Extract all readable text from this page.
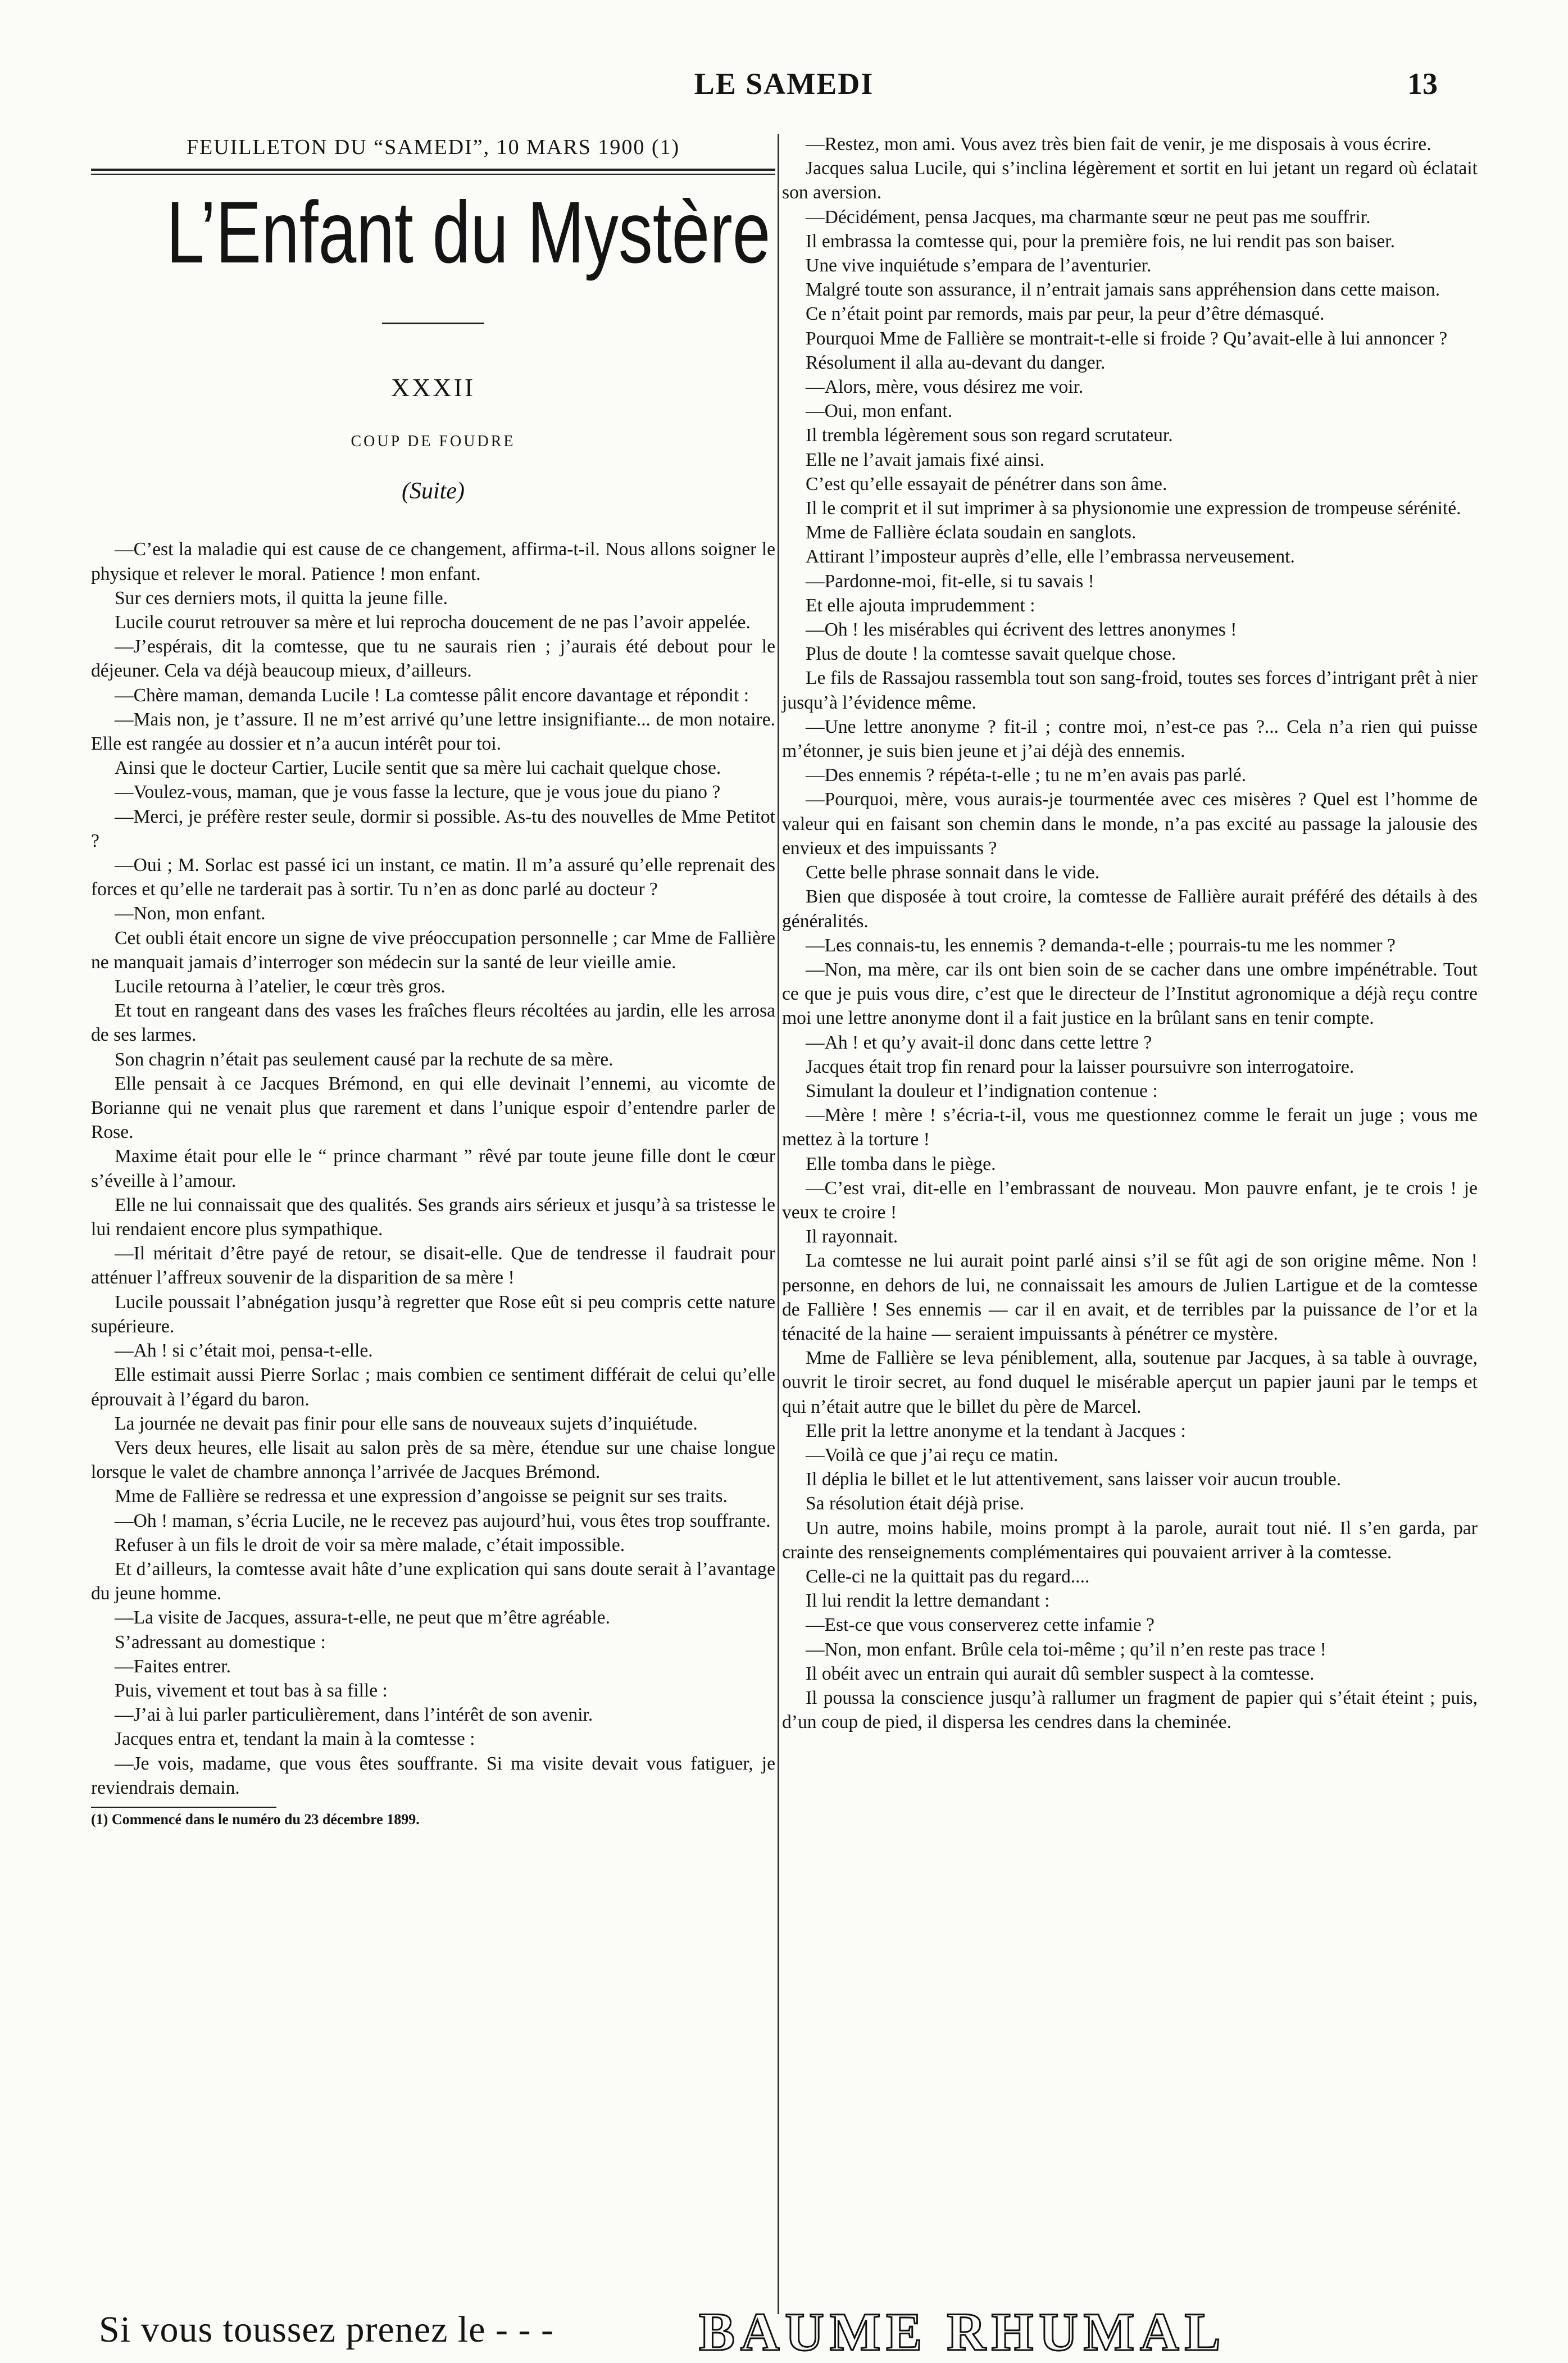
LE SAMEDI	13
FEUILLETON DU “SAMEDI”, 10 MARS 1900 (1)
L’Enfant du Mystère
XXXII
COUP DE FOUDRE
(Suite)

—C’est la maladie qui est cause de ce changement, affirma-t-il. Nous allons soigner le physique et relever le moral. Patience ! mon enfant.

Sur ces derniers mots, il quitta la jeune fille.

Lucile courut retrouver sa mère et lui reprocha doucement de ne pas l’avoir appelée.

—J’espérais, dit la comtesse, que tu ne saurais rien ; j’aurais été debout pour le déjeuner. Cela va déjà beaucoup mieux, d’ailleurs.

—Chère maman, demanda Lucile ! La comtesse pâlit encore davantage et répondit :

—Mais non, je t’assure. Il ne m’est arrivé qu’une lettre insignifiante... de mon notaire. Elle est rangée au dossier et n’a aucun intérêt pour toi.

Ainsi que le docteur Cartier, Lucile sentit que sa mère lui cachait quelque chose.

—Voulez-vous, maman, que je vous fasse la lecture, que je vous joue du piano ?

—Merci, je préfère rester seule, dormir si possible. As-tu des nouvelles de Mme Petitot ?

—Oui ; M. Sorlac est passé ici un instant, ce matin. Il m’a assuré qu’elle reprenait des forces et qu’elle ne tarderait pas à sortir. Tu n’en as donc parlé au docteur ?

—Non, mon enfant.

Cet oubli était encore un signe de vive préoccupation personnelle ; car Mme de Fallière ne manquait jamais d’interroger son médecin sur la santé de leur vieille amie.

Lucile retourna à l’atelier, le cœur très gros.

Et tout en rangeant dans des vases les fraîches fleurs récoltées au jardin, elle les arrosa de ses larmes.

Son chagrin n’était pas seulement causé par la rechute de sa mère.

Elle pensait à ce Jacques Brémond, en qui elle devinait l’ennemi, au vicomte de Borianne qui ne venait plus que rarement et dans l’unique espoir d’entendre parler de Rose.

Maxime était pour elle le “ prince charmant ” rêvé par toute jeune fille dont le cœur s’éveille à l’amour.

Elle ne lui connaissait que des qualités. Ses grands airs sérieux et jusqu’à sa tristesse le lui rendaient encore plus sympathique.

—Il méritait d’être payé de retour, se disait-elle. Que de tendresse il faudrait pour atténuer l’affreux souvenir de la disparition de sa mère !

Lucile poussait l’abnégation jusqu’à regretter que Rose eût si peu compris cette nature supérieure.

—Ah ! si c’était moi, pensa-t-elle.

Elle estimait aussi Pierre Sorlac ; mais combien ce sentiment différait de celui qu’elle éprouvait à l’égard du baron.

La journée ne devait pas finir pour elle sans de nouveaux sujets d’inquiétude.

Vers deux heures, elle lisait au salon près de sa mère, étendue sur une chaise longue lorsque le valet de chambre annonça l’arrivée de Jacques Brémond.

Mme de Fallière se redressa et une expression d’angoisse se peignit sur ses traits.

—Oh ! maman, s’écria Lucile, ne le recevez pas aujourd’hui, vous êtes trop souffrante.

Refuser à un fils le droit de voir sa mère malade, c’était impossible.

Et d’ailleurs, la comtesse avait hâte d’une explication qui sans doute serait à l’avantage du jeune homme.

—La visite de Jacques, assura-t-elle, ne peut que m’être agréable.

S’adressant au domestique :

—Faites entrer.

Puis, vivement et tout bas à sa fille :

—J’ai à lui parler particulièrement, dans l’intérêt de son avenir.

Jacques entra et, tendant la main à la comtesse :

—Je vois, madame, que vous êtes souffrante. Si ma visite devait vous fatiguer, je reviendrais demain.

(1) Commencé dans le numéro du 23 décembre 1899.

—Restez, mon ami. Vous avez très bien fait de venir, je me disposais à vous écrire.

Jacques salua Lucile, qui s’inclina légèrement et sortit en lui jetant un regard où éclatait son aversion.

—Décidément, pensa Jacques, ma charmante sœur ne peut pas me souffrir.

Il embrassa la comtesse qui, pour la première fois, ne lui rendit pas son baiser.

Une vive inquiétude s’empara de l’aventurier.

Malgré toute son assurance, il n’entrait jamais sans appréhension dans cette maison.

Ce n’était point par remords, mais par peur, la peur d’être démasqué.

Pourquoi Mme de Fallière se montrait-t-elle si froide ? Qu’avait-elle à lui annoncer ?

Résolument il alla au-devant du danger.

—Alors, mère, vous désirez me voir.

—Oui, mon enfant.

Il trembla légèrement sous son regard scrutateur.

Elle ne l’avait jamais fixé ainsi.

C’est qu’elle essayait de pénétrer dans son âme.

Il le comprit et il sut imprimer à sa physionomie une expression de trompeuse sérénité.

Mme de Fallière éclata soudain en sanglots.

Attirant l’imposteur auprès d’elle, elle l’embrassa nerveusement.

—Pardonne-moi, fit-elle, si tu savais !

Et elle ajouta imprudemment :

—Oh ! les misérables qui écrivent des lettres anonymes !

Plus de doute ! la comtesse savait quelque chose.

Le fils de Rassajou rassembla tout son sang-froid, toutes ses forces d’intrigant prêt à nier jusqu’à l’évidence même.

—Une lettre anonyme ? fit-il ; contre moi, n’est-ce pas ?... Cela n’a rien qui puisse m’étonner, je suis bien jeune et j’ai déjà des ennemis.

—Des ennemis ? répéta-t-elle ; tu ne m’en avais pas parlé.

—Pourquoi, mère, vous aurais-je tourmentée avec ces misères ? Quel est l’homme de valeur qui en faisant son chemin dans le monde, n’a pas excité au passage la jalousie des envieux et des impuissants ?

Cette belle phrase sonnait dans le vide.

Bien que disposée à tout croire, la comtesse de Fallière aurait préféré des détails à des généralités.

—Les connais-tu, les ennemis ? demanda-t-elle ; pourrais-tu me les nommer ?

—Non, ma mère, car ils ont bien soin de se cacher dans une ombre impénétrable. Tout ce que je puis vous dire, c’est que le directeur de l’Institut agronomique a déjà reçu contre moi une lettre anonyme dont il a fait justice en la brûlant sans en tenir compte.

—Ah ! et qu’y avait-il donc dans cette lettre ?

Jacques était trop fin renard pour la laisser poursuivre son interrogatoire.

Simulant la douleur et l’indignation contenue :

—Mère ! mère ! s’écria-t-il, vous me questionnez comme le ferait un juge ; vous me mettez à la torture !

Elle tomba dans le piège.

—C’est vrai, dit-elle en l’embrassant de nouveau. Mon pauvre enfant, je te crois ! je veux te croire !

Il rayonnait.

La comtesse ne lui aurait point parlé ainsi s’il se fût agi de son origine même. Non ! personne, en dehors de lui, ne connaissait les amours de Julien Lartigue et de la comtesse de Fallière ! Ses ennemis — car il en avait, et de terribles par la puissance de l’or et la ténacité de la haine — seraient impuissants à pénétrer ce mystère.

Mme de Fallière se leva péniblement, alla, soutenue par Jacques, à sa table à ouvrage, ouvrit le tiroir secret, au fond duquel le misérable aperçut un papier jauni par le temps et qui n’était autre que le billet du père de Marcel.

Elle prit la lettre anonyme et la tendant à Jacques :

—Voilà ce que j’ai reçu ce matin.

Il déplia le billet et le lut attentivement, sans laisser voir aucun trouble.

Sa résolution était déjà prise.

Un autre, moins habile, moins prompt à la parole, aurait tout nié. Il s’en garda, par crainte des renseignements complémentaires qui pouvaient arriver à la comtesse.

Celle-ci ne la quittait pas du regard....

Il lui rendit la lettre demandant :

—Est-ce que vous conserverez cette infamie ?

—Non, mon enfant. Brûle cela toi-même ; qu’il n’en reste pas trace !

Il obéit avec un entrain qui aurait dû sembler suspect à la comtesse.

Il poussa la conscience jusqu’à rallumer un fragment de papier qui s’était éteint ; puis, d’un coup de pied, il dispersa les cendres dans la cheminée.

Si vous toussez prenez le - - -	BAUME RHUMAL
